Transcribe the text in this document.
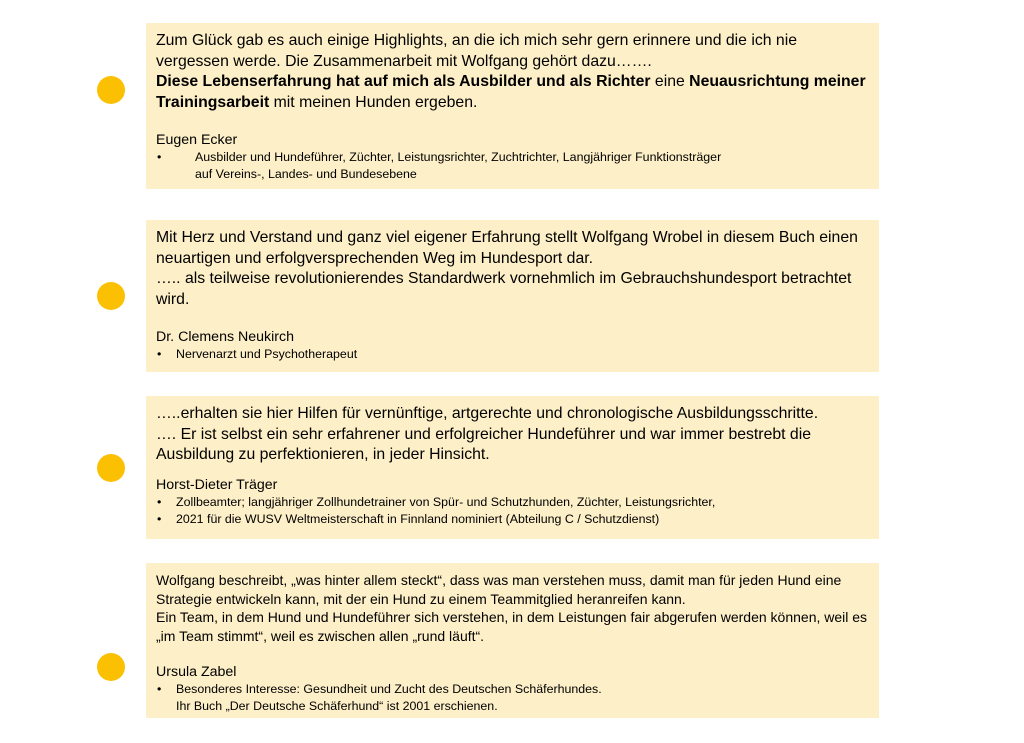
Zum Glück gab es auch einige Highlights, an die ich mich sehr gern erinnere und die ich nie vergessen werde. Die Zusammenarbeit mit Wolfgang gehört dazu…….
Diese Lebenserfahrung hat auf mich als Ausbilder und als Richter eine Neuausrichtung meiner Trainingsarbeit mit meinen Hunden ergeben.

Eugen Ecker

• Ausbilder und Hundeführer, Züchter, Leistungsrichter, Zuchtrichter, Langjähriger Funktionsträger
auf Vereins-, Landes- und Bundesebene

Mit Herz und Verstand und ganz viel eigener Erfahrung stellt Wolfgang Wrobel in diesem Buch einen neuartigen und erfolgversprechenden Weg im Hundesport dar.
….. als teilweise revolutionierendes Standardwerk vornehmlich im Gebrauchshundesport betrachtet wird.

Dr. Clemens Neukirch

• Nervenarzt und Psychotherapeut

…..erhalten sie hier Hilfen für vernünftige, artgerechte und chronologische Ausbildungsschritte.
…. Er ist selbst ein sehr erfahrener und erfolgreicher Hundeführer und war immer bestrebt die Ausbildung zu perfektionieren, in jeder Hinsicht.

Horst-Dieter Träger

• Zollbeamter; langjähriger Zollhundetrainer von Spür- und Schutzhunden, Züchter, Leistungsrichter,
• 2021 für die WUSV Weltmeisterschaft in Finnland nominiert (Abteilung C / Schutzdienst)

Wolfgang beschreibt, „was hinter allem steckt“, dass was man verstehen muss, damit man für jeden Hund eine Strategie entwickeln kann, mit der ein Hund zu einem Teammitglied heranreifen kann.
Ein Team, in dem Hund und Hundeführer sich verstehen, in dem Leistungen fair abgerufen werden können, weil es „im Team stimmt“, weil es zwischen allen „rund läuft“.

Ursula Zabel

• Besonderes Interesse: Gesundheit und Zucht des Deutschen Schäferhundes.
Ihr Buch „Der Deutsche Schäferhund“ ist 2001 erschienen.
